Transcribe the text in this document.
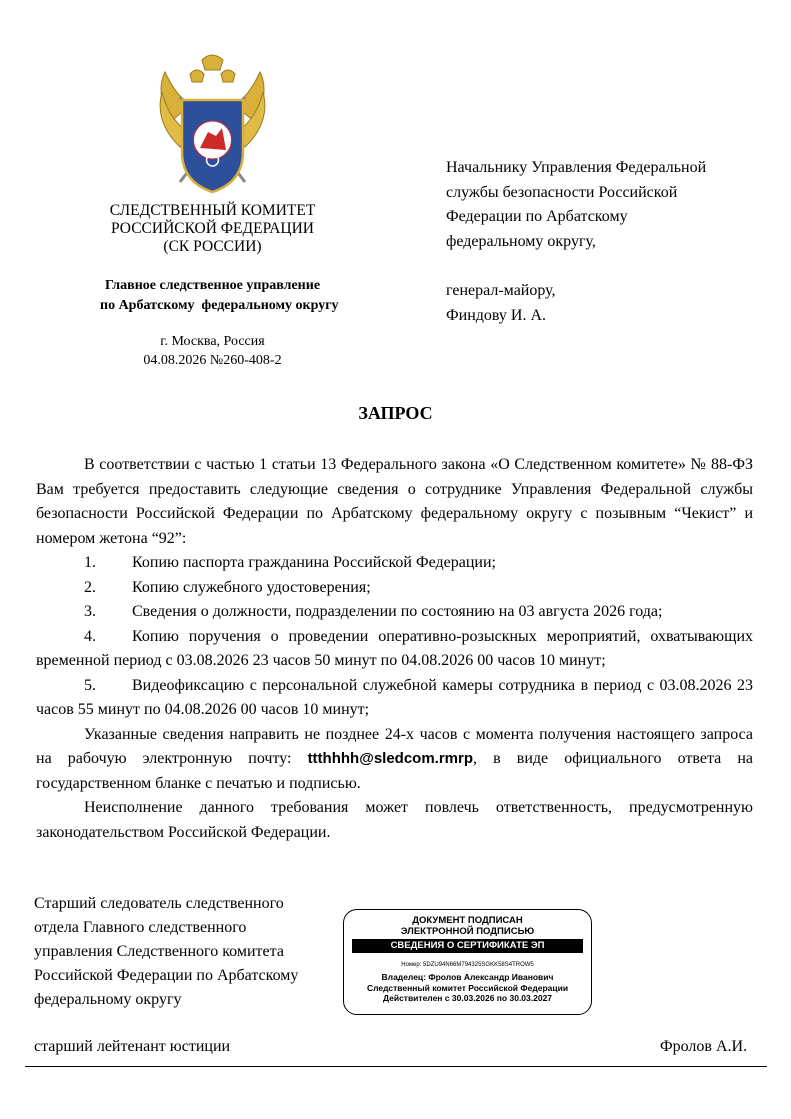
СЛЕДСТВЕННЫЙ КОМИТЕТ
РОССИЙСКОЙ ФЕДЕРАЦИИ
(СК РОССИИ)
Главное следственное управление
по Арбатскому  федеральному округу
г. Москва, Россия
04.08.2026 №260-408-2
Начальнику Управления Федеральной
службы безопасности Российской
Федерации по Арбатскому
федеральному округу,
генерал-майору,
Финдову И. А.
ЗАПРОС

В соответствии с частью 1 статьи 13 Федерального закона «О Следственном комитете» № 88-ФЗ Вам требуется предоставить следующие сведения о сотруднике Управления Федеральной службы безопасности Российской Федерации по Арбатскому федеральному округу с позывным “Чекист” и номером жетона “92”:

1.	Копию паспорта гражданина Российской Федерации;
2.	Копию служебного удостоверения;
3.	Сведения о должности, подразделении по состоянию на 03 августа 2026 года;

4. Копию поручения о проведении оперативно-розыскных мероприятий, охватывающих временной период с 03.08.2026 23 часов 50 минут по 04.08.2026 00 часов 10 минут;

5. Видеофиксацию с персональной служебной камеры сотрудника в период с 03.08.2026 23 часов 55 минут по 04.08.2026 00 часов 10 минут;

Указанные сведения направить не позднее 24-х часов с момента получения настоящего запроса на рабочую электронную почту: ttthhhh@sledcom.rmrp, в виде официального ответа на государственном бланке с печатью и подписью.

Неисполнение данного требования может повлечь ответственность, предусмотренную законодательством Российской Федерации.

Старший следователь следственного
отдела Главного следственного
управления Следственного комитета
Российской Федерации по Арбатскому
федеральному округу
ДОКУМЕНТ ПОДПИСАН
ЭЛЕКТРОННОЙ ПОДПИСЬЮ
СВЕДЕНИЯ О СЕРТИФИКАТЕ ЭП
Номер: 5DZU94N66M794325SGKK58S4TROW5
Владелец: Фролов Александр Иванович
Следственный комитет Российской Федерации
Действителен с 30.03.2026 по 30.03.2027
старший лейтенант юстиции	Фролов А.И.
